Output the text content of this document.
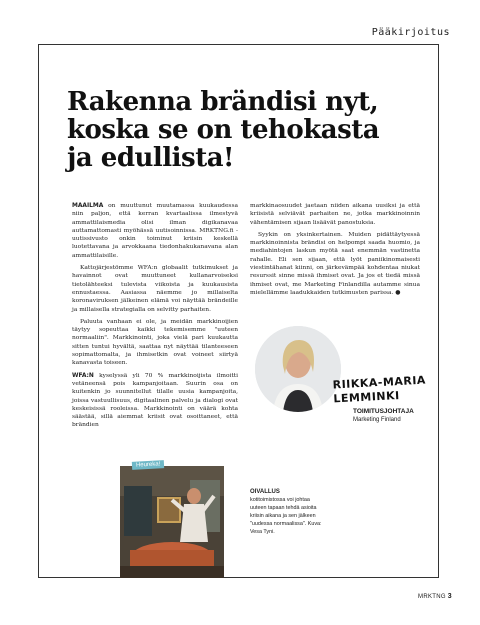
Pääkirjoitus
Rakenna brändisi nyt, koska se on tehokasta ja edullista!

MAAILMA on muuttunut muutamassa kuukaudessa niin paljon, että kerran kvartaalissa ilmestyvä ammattilaismedia olisi ilman digikanavaa auttamattomasti myöhässä uutisoinnissa. MRKTNG.fi -uutissivusto onkin toiminut kriisin keskellä luotettavana ja arvokkaana tiedonhakukanavana alan ammattilaisille.

Kattojärjestömme WFA:n globaalit tutkimukset ja havainnot ovat muuttuneet kullanarvoiseksi tietolähteeksi tulevista viikoista ja kuukausista ennustaessa. Aasiassa näemme jo millaiselta koronaviruksen jälkeinen elämä voi näyttää brändeille ja millaisella strategialla on selvitty parhaiten.

Paluuta vanhaan ei ole, ja meidän markkinoijien täytyy sopeuttaa kaikki tekemisemme "uuteen normaaliin". Markkinointi, joka vielä pari kuukautta sitten tuntui hyvältä, saattaa nyt näyttää tilanteeseen sopimattomalta, ja ihmisetkin ovat voineet siirtyä kanavasta toiseen.

WFA:N kyselyssä yli 70 % markkinoijista ilmoitti vetäneensä pois kampanjoitaan. Suurin osa on kuitenkin jo suunnitellut tilalle uusia kampanjoita, joissa vastuullisuus, digitaalinen palvelu ja dialogi ovat keskeisissä rooleissa. Markkinointi on väärä kohta säästää, sillä aiemmat kriisit ovat osoittaneet, että brändien

markkinaosuudet jaetaan niiden aikana uusiksi ja että kriisistä selviävät parhaiten ne, jotka markkinoinnin vähentämisen sijaan lisäävät panostuksia.

Syykin on yksinkertainen. Muiden pidättäytyessä markkinoinnista brändisi on helpompi saada huomio, ja mediahintojen laskun myötä saat enemmän vastinetta rahalle. Eli sen sijaan, että lyöt paniikinomaisesti viestintähanat kiinni, on järkevämpää kohdentaa niukat resurssit sinne missä ihmiset ovat. Ja jos et tiedä missä ihmiset ovat, me Marketing Finlandilla autamme sinua mielellämme laadukkaiden tutkimusten parissa. ●

RIIKKA-MARIA
LEMMINKI
TOIMITUSJOHTAJA
Marketing Finland
Heureka!
OIVALLUS
kotitoimistossa voi johtaa uuteen tapaan tehdä asioita kriisin aikana ja sen jälkeen "uudessa normaalissa". Kuva: Vesa Tyni.
MRKTNG 3
